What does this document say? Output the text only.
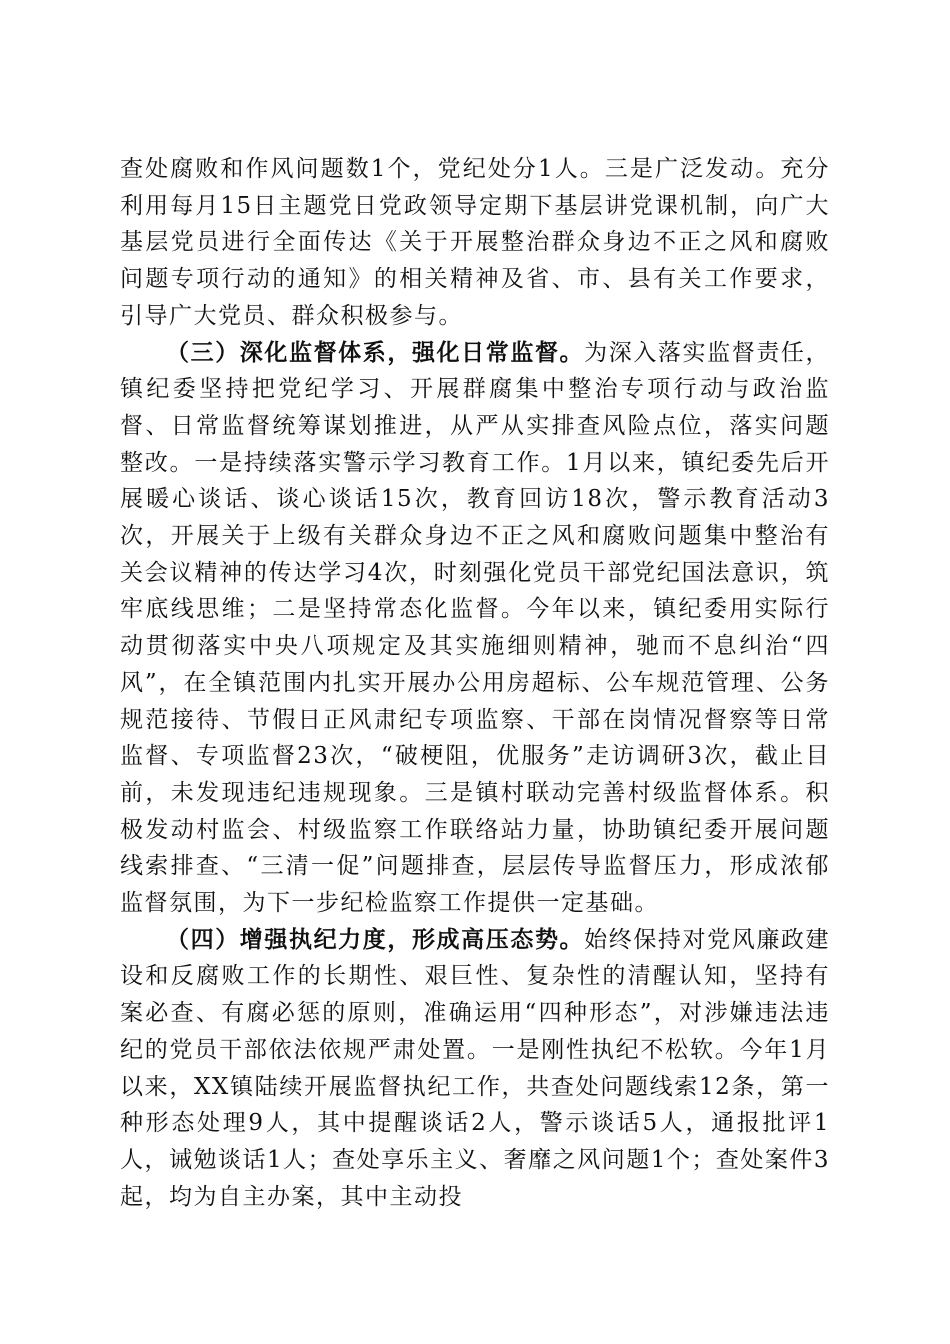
查处腐败和作风问题数1个，党纪处分1人。三是广泛发动。充分利用每月15日主题党日党政领导定期下基层讲党课机制，向广大基层党员进行全面传达《关于开展整治群众身边不正之风和腐败问题专项行动的通知》的相关精神及省、市、县有关工作要求，引导广大党员、群众积极参与。

（三）深化监督体系，强化日常监督。为深入落实监督责任，镇纪委坚持把党纪学习、开展群腐集中整治专项行动与政治监督、日常监督统筹谋划推进，从严从实排查风险点位，落实问题整改。一是持续落实警示学习教育工作。1月以来，镇纪委先后开展暖心谈话、谈心谈话15次，教育回访18次，警示教育活动3次，开展关于上级有关群众身边不正之风和腐败问题集中整治有关会议精神的传达学习4次，时刻强化党员干部党纪国法意识，筑牢底线思维；二是坚持常态化监督。今年以来，镇纪委用实际行动贯彻落实中央八项规定及其实施细则精神，驰而不息纠治“四风”，在全镇范围内扎实开展办公用房超标、公车规范管理、公务规范接待、节假日正风肃纪专项监察、干部在岗情况督察等日常监督、专项监督23次，“破梗阻，优服务”走访调研3次，截止目前，未发现违纪违规现象。三是镇村联动完善村级监督体系。积极发动村监会、村级监察工作联络站力量，协助镇纪委开展问题线索排查、“三清一促”问题排查，层层传导监督压力，形成浓郁监督氛围，为下一步纪检监察工作提供一定基础。

（四）增强执纪力度，形成高压态势。始终保持对党风廉政建设和反腐败工作的长期性、艰巨性、复杂性的清醒认知，坚持有案必查、有腐必惩的原则，准确运用“四种形态”，对涉嫌违法违纪的党员干部依法依规严肃处置。一是刚性执纪不松软。今年1月以来，XX镇陆续开展监督执纪工作，共查处问题线索12条，第一种形态处理9人，其中提醒谈话2人，警示谈话5人，通报批评1人，诫勉谈话1人；查处享乐主义、奢靡之风问题1个；查处案件3起，均为自主办案，其中主动投
